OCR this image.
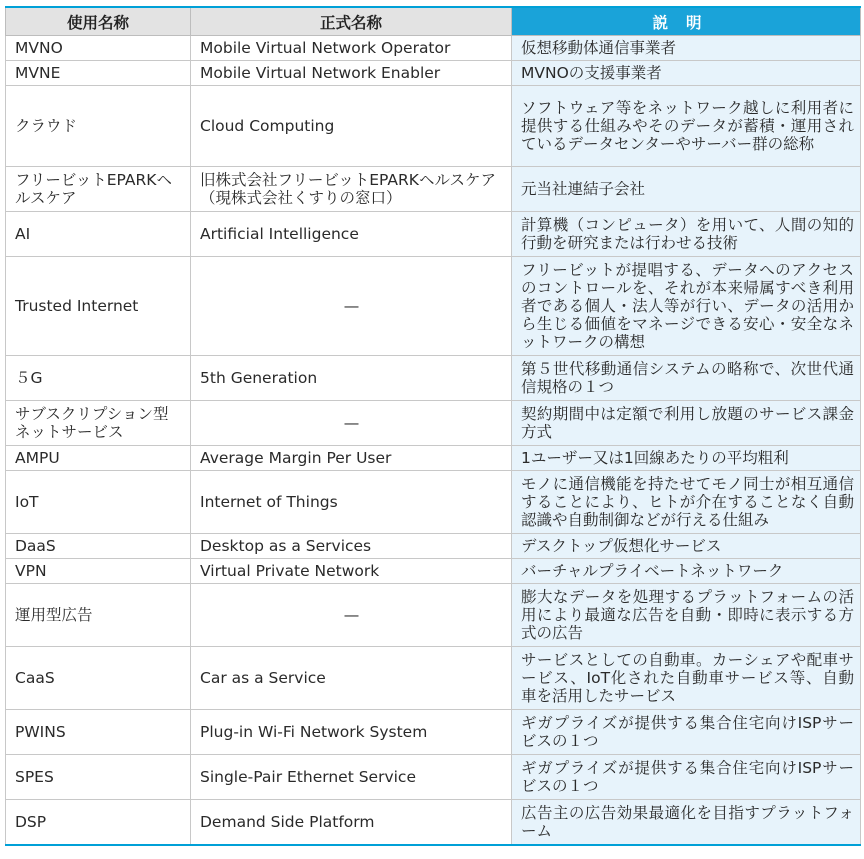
使用名称	正式名称	説明
MVNO	Mobile Virtual Network Operator	仮想移動体通信事業者
MVNE	Mobile Virtual Network Enabler	MVNOの支援事業者
クラウド	Cloud Computing	ソフトウェア等をネットワーク越しに利用者に提供する仕組みやそのデータが蓄積・運用されているデータセンターやサーバー群の総称
フリービットEPARKヘルスケア	旧株式会社フリービットEPARKヘルスケア（現株式会社くすりの窓口）	元当社連結子会社
AI	Artificial Intelligence	計算機（コンピュータ）を用いて、人間の知的行動を研究または行わせる技術
Trusted Internet	—	フリービットが提唱する、データへのアクセスのコントロールを、それが本来帰属すべき利用者である個人・法人等が行い、データの活用から生じる価値をマネージできる安心・安全なネットワークの構想
５G	5th Generation	第５世代移動通信システムの略称で、次世代通信規格の１つ
サブスクリプション型ネットサービス	—	契約期間中は定額で利用し放題のサービス課金方式
AMPU	Average Margin Per User	1ユーザー又は1回線あたりの平均粗利
IoT	Internet of Things	モノに通信機能を持たせてモノ同士が相互通信することにより、ヒトが介在することなく自動認識や自動制御などが行える仕組み
DaaS	Desktop as a Services	デスクトップ仮想化サービス
VPN	Virtual Private Network	バーチャルプライベートネットワーク
運用型広告	—	膨大なデータを処理するプラットフォームの活用により最適な広告を自動・即時に表示する方式の広告
CaaS	Car as a Service	サービスとしての自動車。カーシェアや配車サービス、IoT化された自動車サービス等、自動車を活用したサービス
PWINS	Plug-in Wi-Fi Network System	ギガプライズが提供する集合住宅向けISPサービスの１つ
SPES	Single-Pair Ethernet Service	ギガプライズが提供する集合住宅向けISPサービスの１つ
DSP	Demand Side Platform	広告主の広告効果最適化を目指すプラットフォーム
